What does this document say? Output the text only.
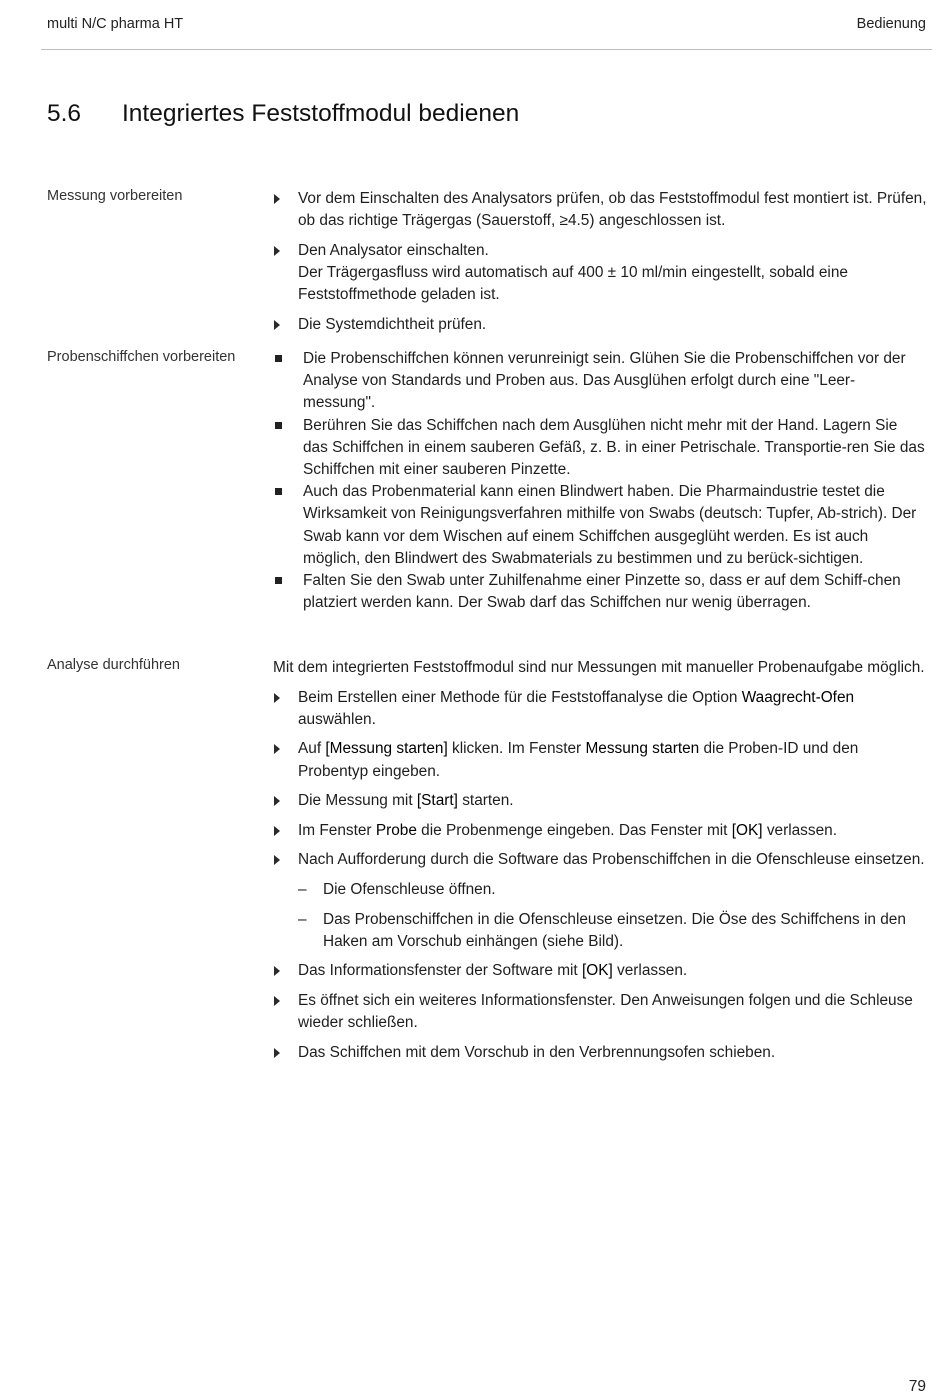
multi N/C pharma HT	Bedienung
5.6 Integriertes Feststoffmodul bedienen
Messung vorbereiten	Vor dem Einschalten des Analysators prüfen, ob das Feststoffmodul fest montiert ist. Prüfen, ob das richtige Trägergas (Sauerstoff, ≥4.5) angeschlossen ist.
Den Analysator einschalten.
Der Trägergasfluss wird automatisch auf 400 ± 10 ml/min eingestellt, sobald eine Feststoffmethode geladen ist.
Die Systemdichtheit prüfen.
Probenschiffchen vorbereiten	Die Probenschiffchen können verunreinigt sein. Glühen Sie die Probenschiffchen vor der Analyse von Standards und Proben aus. Das Ausglühen erfolgt durch eine "Leer-messung".
Berühren Sie das Schiffchen nach dem Ausglühen nicht mehr mit der Hand. Lagern Sie das Schiffchen in einem sauberen Gefäß, z. B. in einer Petrischale. Transportie-ren Sie das Schiffchen mit einer sauberen Pinzette.
Auch das Probenmaterial kann einen Blindwert haben. Die Pharmaindustrie testet die Wirksamkeit von Reinigungsverfahren mithilfe von Swabs (deutsch: Tupfer, Ab-strich). Der Swab kann vor dem Wischen auf einem Schiffchen ausgeglüht werden. Es ist auch möglich, den Blindwert des Swabmaterials zu bestimmen und zu berück-sichtigen.
Falten Sie den Swab unter Zuhilfenahme einer Pinzette so, dass er auf dem Schiff-chen platziert werden kann. Der Swab darf das Schiffchen nur wenig überragen.
Analyse durchführen	Mit dem integrierten Feststoffmodul sind nur Messungen mit manueller Probenaufgabe möglich.
Beim Erstellen einer Methode für die Feststoffanalyse die Option Waagrecht-Ofen auswählen.
Auf [Messung starten] klicken. Im Fenster Messung starten die Proben-ID und den Probentyp eingeben.
Die Messung mit [Start] starten.
Im Fenster Probe die Probenmenge eingeben. Das Fenster mit [OK] verlassen.
Nach Aufforderung durch die Software das Probenschiffchen in die Ofenschleuse einsetzen.
– Die Ofenschleuse öffnen.
– Das Probenschiffchen in die Ofenschleuse einsetzen. Die Öse des Schiffchens in den Haken am Vorschub einhängen (siehe Bild).
Das Informationsfenster der Software mit [OK] verlassen.
Es öffnet sich ein weiteres Informationsfenster. Den Anweisungen folgen und die Schleuse wieder schließen.
Das Schiffchen mit dem Vorschub in den Verbrennungsofen schieben.
79
